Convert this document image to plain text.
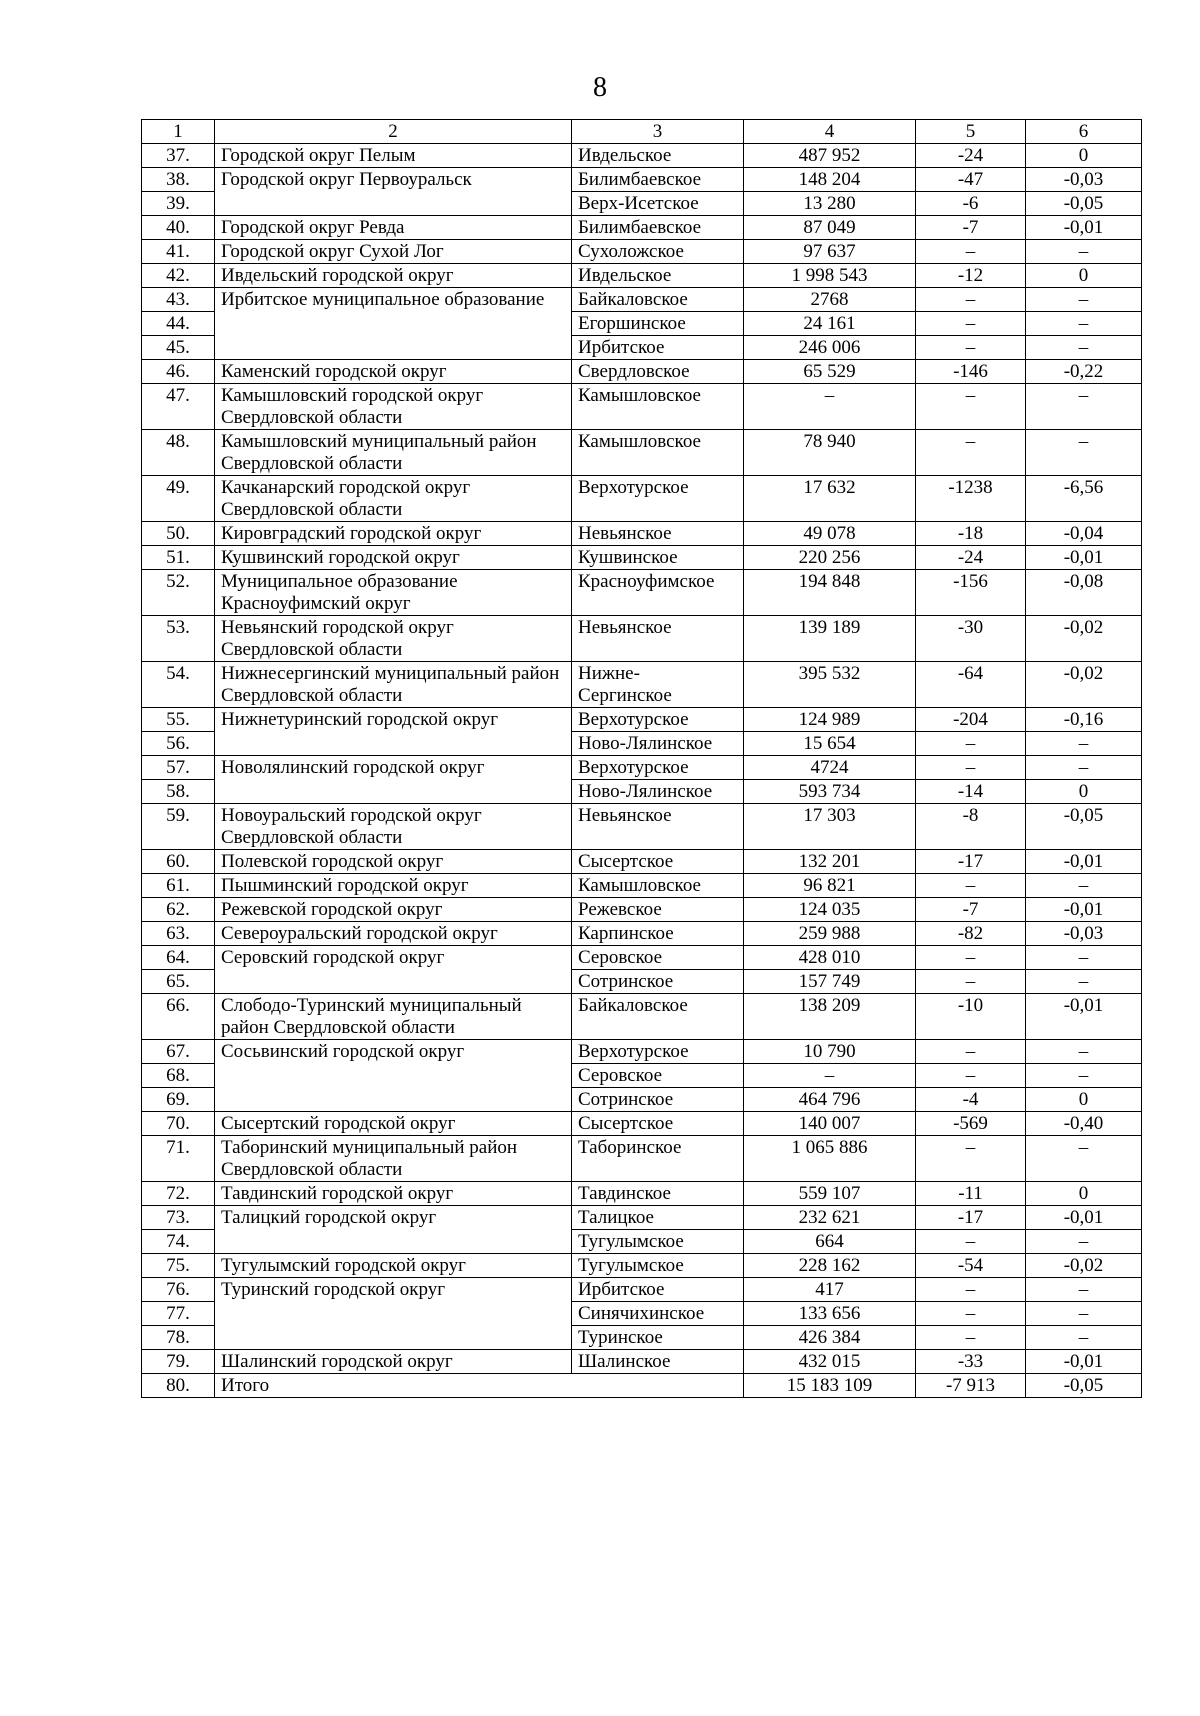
8
1	2	3	4	5	6
37.	Городской округ Пелым	Ивдельское	487 952	-24	0
38.	Городской округ Первоуральск	Билимбаевское	148 204	-47	-0,03
39.		Верх-Исетское	13 280	-6	-0,05
40.	Городской округ Ревда	Билимбаевское	87 049	-7	-0,01
41.	Городской округ Сухой Лог	Сухоложское	97 637	–	–
42.	Ивдельский городской округ	Ивдельское	1 998 543	-12	0
43.	Ирбитское муниципальное образование	Байкаловское	2768	–	–
44.		Егоршинское	24 161	–	–
45.		Ирбитское	246 006	–	–
46.	Каменский городской округ	Свердловское	65 529	-146	-0,22
47.	Камышловский городской округ Свердловской области	Камышловское	–	–	–
48.	Камышловский муниципальный район Свердловской области	Камышловское	78 940	–	–
49.	Качканарский городской округ Свердловской области	Верхотурское	17 632	-1238	-6,56
50.	Кировградский городской округ	Невьянское	49 078	-18	-0,04
51.	Кушвинский городской округ	Кушвинское	220 256	-24	-0,01
52.	Муниципальное образование Красноуфимский округ	Красноуфимское	194 848	-156	-0,08
53.	Невьянский городской округ Свердловской области	Невьянское	139 189	-30	-0,02
54.	Нижнесергинский муниципальный район Свердловской области	Нижне- Сергинское	395 532	-64	-0,02
55.	Нижнетуринский городской округ	Верхотурское	124 989	-204	-0,16
56.		Ново-Лялинское	15 654	–	–
57.	Новолялинский городской округ	Верхотурское	4724	–	–
58.		Ново-Лялинское	593 734	-14	0
59.	Новоуральский городской округ Свердловской области	Невьянское	17 303	-8	-0,05
60.	Полевской городской округ	Сысертское	132 201	-17	-0,01
61.	Пышминский городской округ	Камышловское	96 821	–	–
62.	Режевской городской округ	Режевское	124 035	-7	-0,01
63.	Североуральский городской округ	Карпинское	259 988	-82	-0,03
64.	Серовский городской округ	Серовское	428 010	–	–
65.		Сотринское	157 749	–	–
66.	Слободо-Туринский муниципальный район Свердловской области	Байкаловское	138 209	-10	-0,01
67.	Сосьвинский городской округ	Верхотурское	10 790	–	–
68.		Серовское	–	–	–
69.		Сотринское	464 796	-4	0
70.	Сысертский городской округ	Сысертское	140 007	-569	-0,40
71.	Таборинский муниципальный район Свердловской области	Таборинское	1 065 886	–	–
72.	Тавдинский городской округ	Тавдинское	559 107	-11	0
73.	Талицкий городской округ	Талицкое	232 621	-17	-0,01
74.		Тугулымское	664	–	–
75.	Тугулымский городской округ	Тугулымское	228 162	-54	-0,02
76.	Туринский городской округ	Ирбитское	417	–	–
77.		Синячихинское	133 656	–	–
78.		Туринское	426 384	–	–
79.	Шалинский городской округ	Шалинское	432 015	-33	-0,01
80.	Итого		15 183 109	-7 913	-0,05
